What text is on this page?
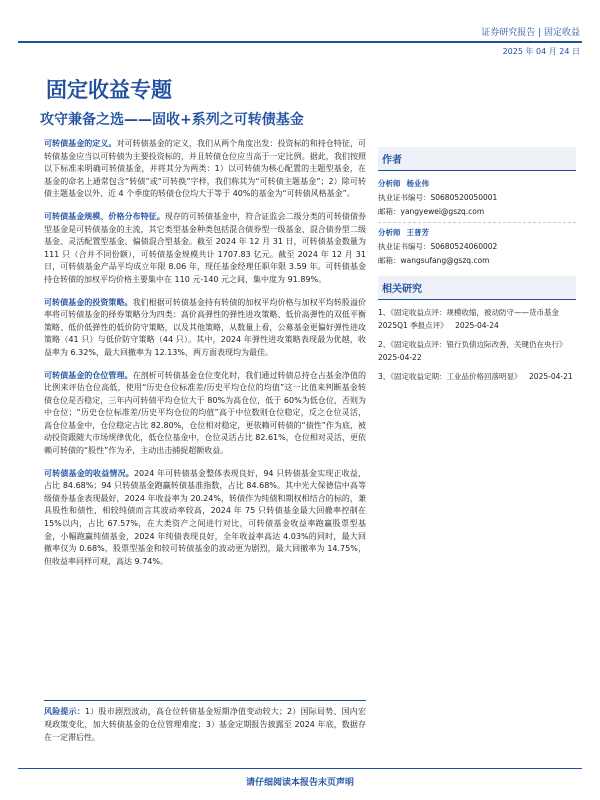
证券研究报告 | 固定收益
2025 年 04 月 24 日
固定收益专题
攻守兼备之选——固收+系列之可转债基金

可转债基金的定义。对可转债基金的定义，我们从两个角度出发：投资标的和持仓特征，可转债基金应当以可转债为主要投资标的，并且转债仓位应当高于一定比例。据此，我们按照以下标准来明确可转债基金，并将其分为两类：1）以可转债为核心配置的主题型基金，在基金的命名上通常包含“转债”或“可转换”字样，我们称其为“可转债主题基金”；2）除可转债主题基金以外、近 4 个季度的转债仓位均大于等于 40%的基金为“可转债风格基金”。

可转债基金规模、价格分布特征。现存的可转债基金中，符合证监会二级分类的可转债债券型基金是可转债基金的主流，其它类型基金种类包括混合债券型一级基金、混合债券型二级基金、灵活配置型基金、偏债混合型基金。截至 2024 年 12 月 31 日，可转债基金数量为 111 只（合并不同份额），可转债基金规模共计 1707.83 亿元。截至 2024 年 12 月 31 日，可转债基金产品平均成立年限 8.06 年，现任基金经理任职年限 3.59 年。可转债基金持仓转债的加权平均价格主要集中在 110 元-140 元之间，集中度为 91.89%。

可转债基金的投资策略。我们根据可转债基金持有转债的加权平均价格与加权平均转股溢价率将可转债基金的择券策略分为四类：高价高弹性的弹性进攻策略、低价高弹性的双低平衡策略、低价低弹性的低价防守策略，以及其他策略，从数量上看，公募基金更偏好弹性进攻策略（41 只）与低价防守策略（44 只）。其中，2024 年弹性进攻策略表现最为优越，收益率为 6.32%，最大回撤率为 12.13%，两方面表现均为最佳。

可转债基金的仓位管理。在剖析可转债基金仓位变化时，我们通过转债总持仓占基金净值的比例来评估仓位高低，使用“历史仓位标准差/历史平均仓位的均值”这一比值来判断基金转债仓位是否稳定，三年内可转债平均仓位大于 80%为高仓位，低于 60%为低仓位，否则为中仓位；“历史仓位标准差/历史平均仓位的均值”高于中位数则仓位稳定，反之仓位灵活，高仓位基金中，仓位稳定占比 82.80%，仓位相对稳定，更依赖可转债的“债性”作为底，被动投资跟随大市场规律优化，低仓位基金中，仓位灵活占比 82.61%，仓位相对灵活，更依赖可转债的“股性”作为矛，主动出击捕捉超额收益。

可转债基金的收益情况。2024 年可转债基金整体表现良好，94 只转债基金实现正收益，占比 84.68%；94 只转债基金跑赢转债基准指数，占比 84.68%。其中光大保德信中高等级债券基金表现最好，2024 年收益率为 20.24%，转债作为纯债和期权相结合的标的，兼具股性和债性，相较纯债而言其波动率较高，2024 年 75 只转债基金最大回撤率控制在 15%以内，占比 67.57%，在大类资产之间进行对比，可转债基金收益率跑赢股票型基金，小幅跑赢纯债基金，2024 年纯债表现良好，全年收益率高达 4.03%的同时，最大回撤率仅为 0.68%，股票型基金和较可转债基金的波动更为剧烈，最大回撤率为 14.75%，但收益率同样可观，高达 9.74%。

风险提示：1）股市剧烈波动，高仓位转债基金短期净值变动较大；2）国际局势、国内宏观政策变化，加大转债基金的仓位管理难度；3）基金定期报告披露至 2024 年底，数据存在一定滞后性。
作者
分析师 杨业伟
执业证书编号：S0680520050001
邮箱：yangyewei@gszq.com
分析师 王普芳
执业证书编号：S0680524060002
邮箱：wangsufang@gszq.com
相关研究
1、《固定收益点评：规模收缩，被动防守——货币基金 2025Q1 季报点评》  2025-04-24
2、《固定收益点评：银行负债边际改善，关键仍在央行》
2025-04-22
3、《固定收益定期：工业品价格回落明显》  2025-04-21
请仔细阅读本报告末页声明
